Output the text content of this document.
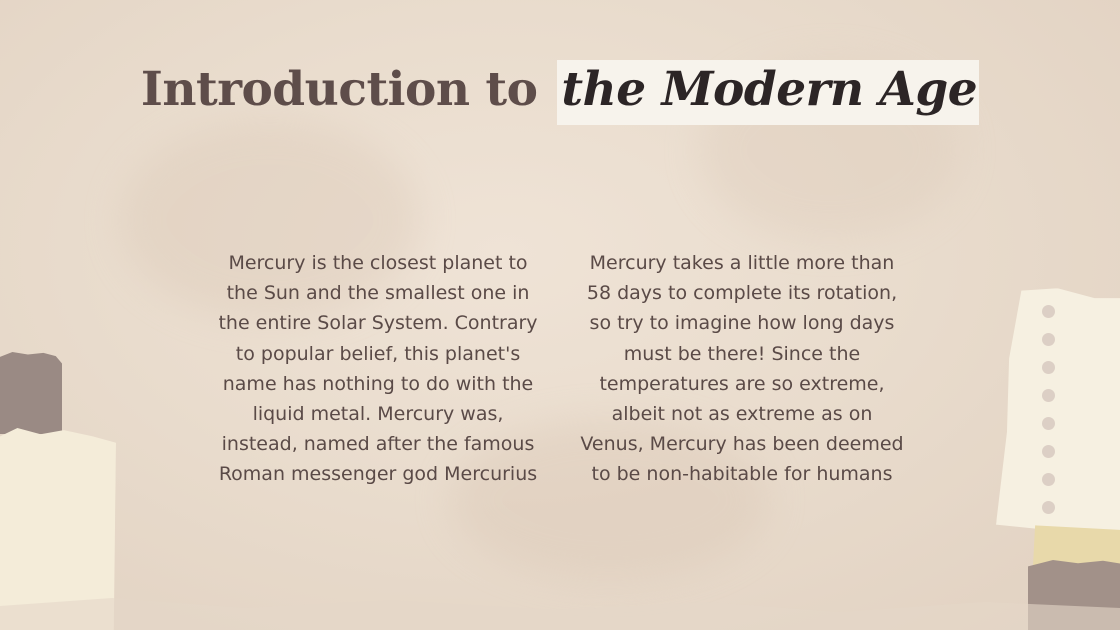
Introduction to the Modern Age
Mercury is the closest planet to the Sun and the smallest one in the entire Solar System. Contrary to popular belief, this planet's name has nothing to do with the liquid metal. Mercury was, instead, named after the famous Roman messenger god Mercurius
Mercury takes a little more than 58 days to complete its rotation, so try to imagine how long days must be there! Since the temperatures are so extreme, albeit not as extreme as on Venus, Mercury has been deemed to be non-habitable for humans
